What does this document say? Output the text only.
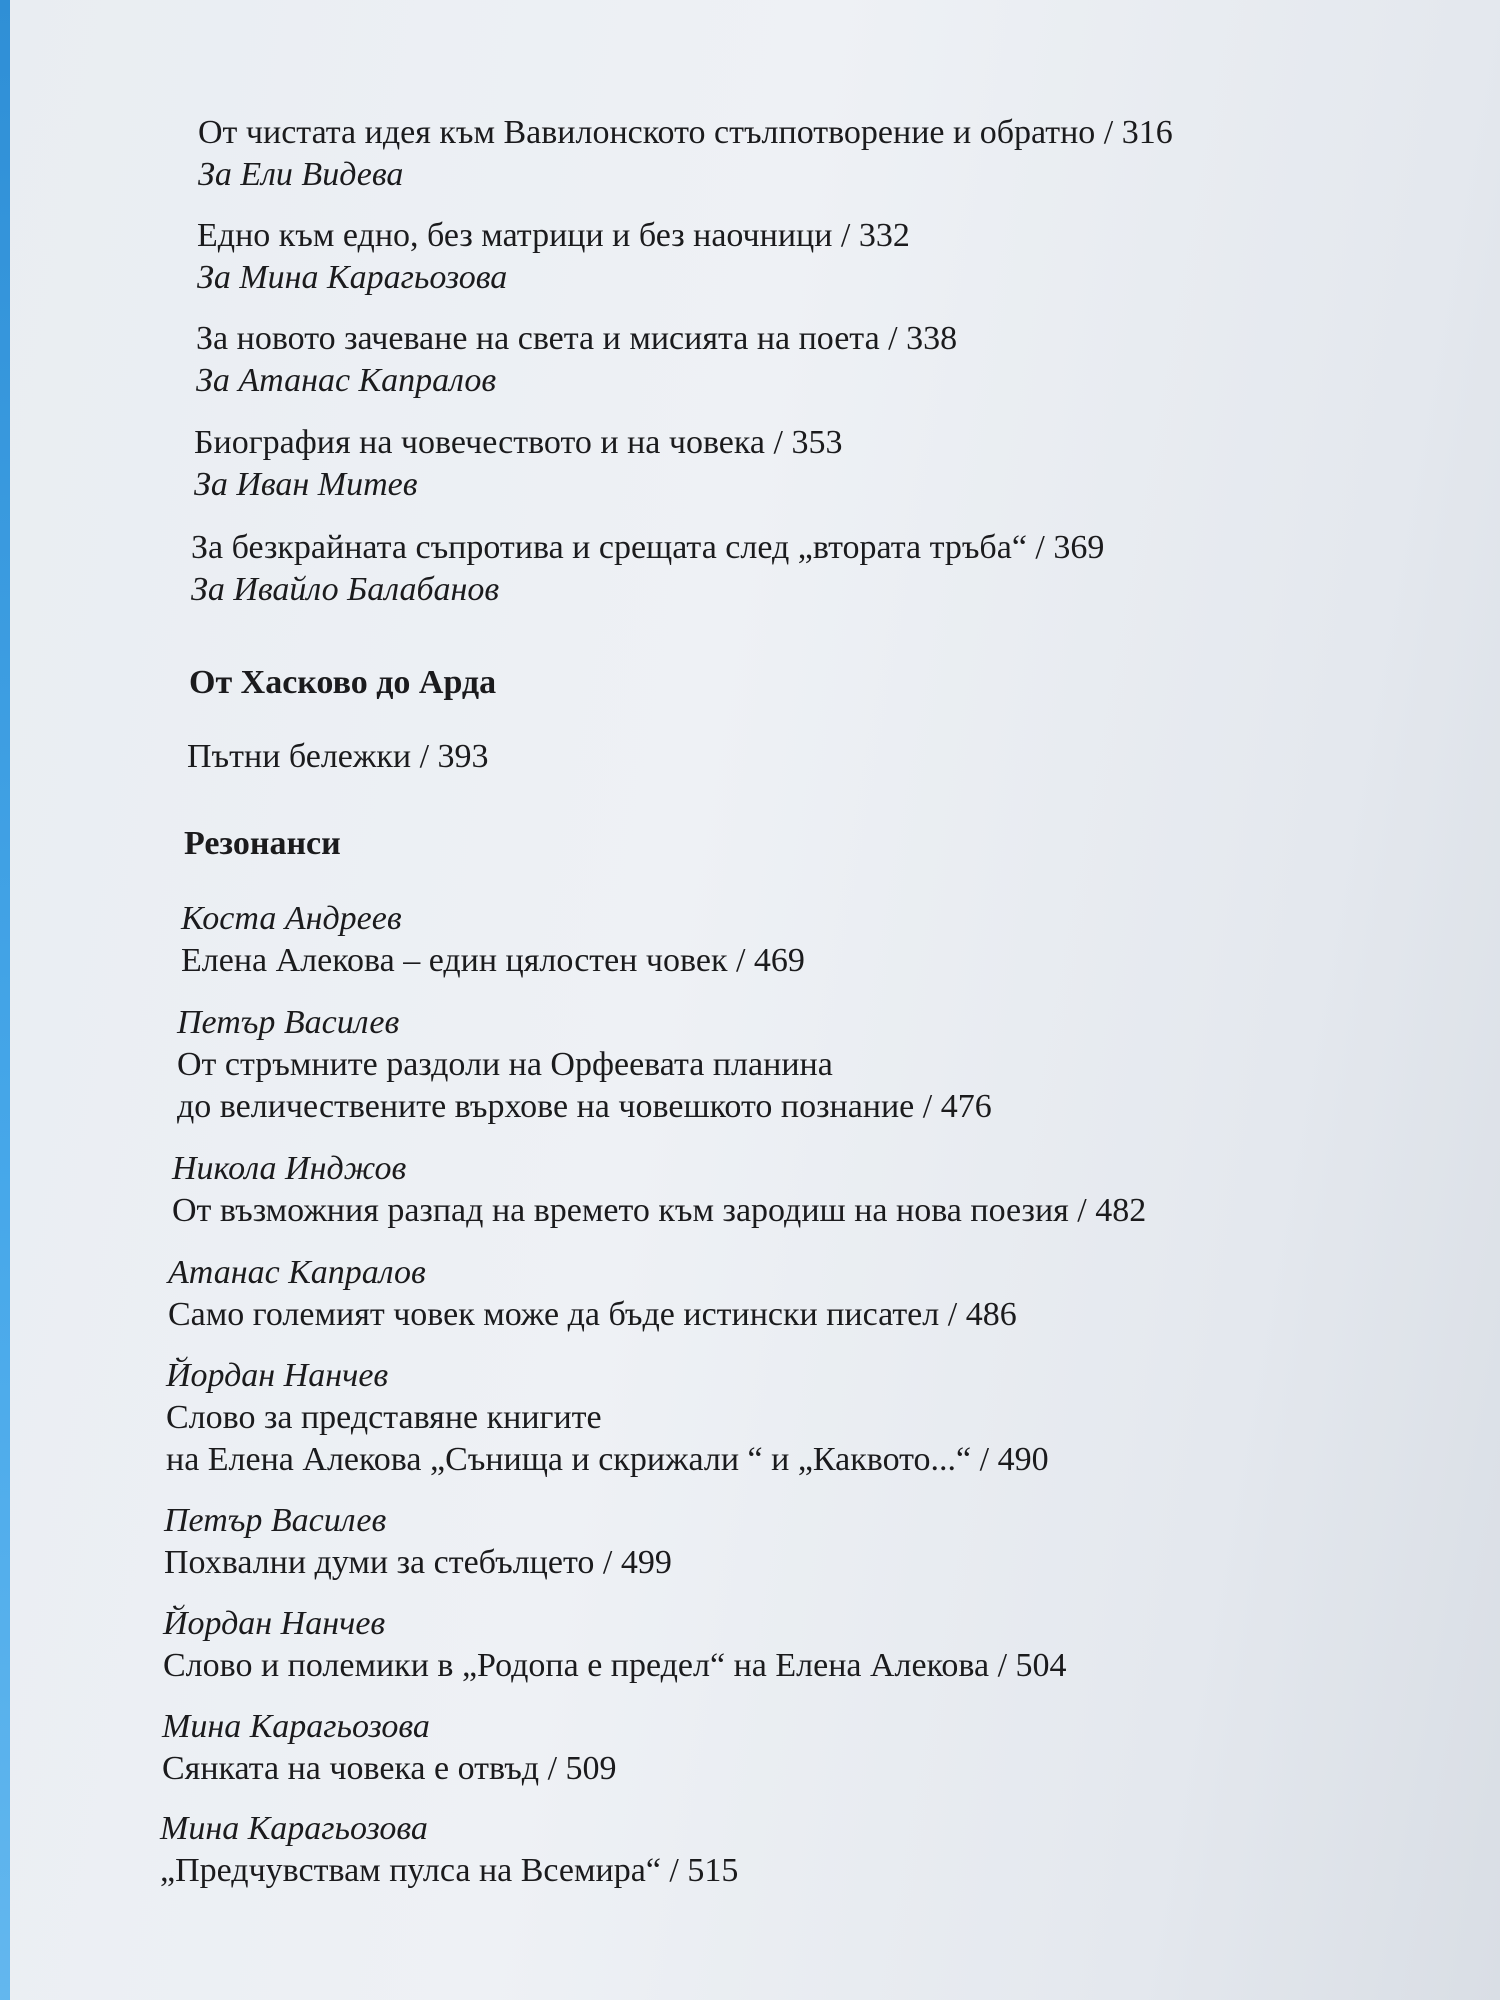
От чистата идея към Вавилонското стълпотворение и обратно / 316
За Ели Видева
Едно към едно, без матрици и без наочници / 332
За Мина Карагьозова
За новото зачеване на света и мисията на поета / 338
За Атанас Капралов
Биография на човечеството и на човека / 353
За Иван Митев
За безкрайната съпротива и срещата след „втората тръба“ / 369
За Ивайло Балабанов
От Хасково до Арда
Пътни бележки / 393
Резонанси
Коста Андреев
Елена Алекова – един цялостен човек / 469
Петър Василев
От стръмните раздоли на Орфеевата планина
до величествените върхове на човешкото познание / 476
Никола Инджов
От възможния разпад на времето към зародиш на нова поезия / 482
Атанас Капралов
Само големият човек може да бъде истински писател / 486
Йордан Нанчев
Слово за представяне книгите
на Елена Алекова „Сънища и скрижали “ и „Каквото...“ / 490
Петър Василев
Похвални думи за стебълцето / 499
Йордан Нанчев
Слово и полемики в „Родопа е предел“ на Елена Алекова / 504
Мина Карагьозова
Сянката на човека е отвъд / 509
Мина Карагьозова
„Предчувствам пулса на Всемира“ / 515
